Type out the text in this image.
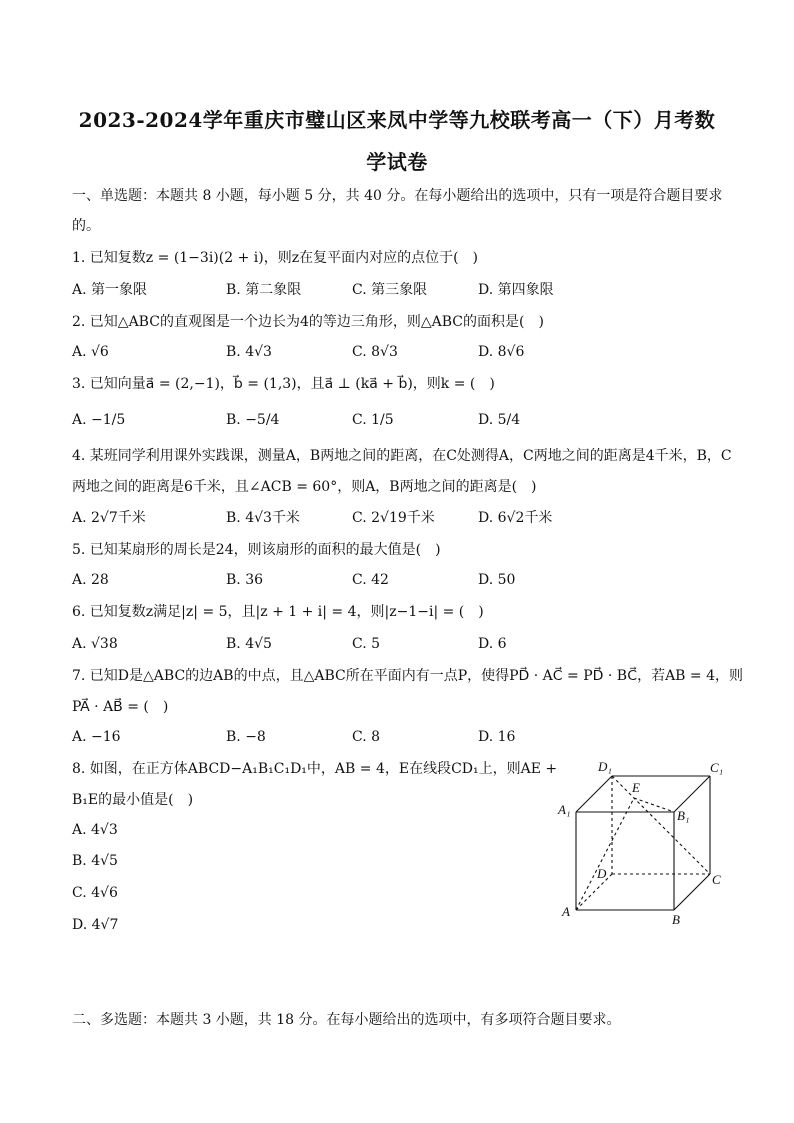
2023-2024学年重庆市璧山区来凤中学等九校联考高一（下）月考数
学试卷
一、单选题：本题共 8 小题，每小题 5 分，共 40 分。在每小题给出的选项中，只有一项是符合题目要求
的。
1. 已知复数z = (1−3i)(2 + i)，则z在复平面内对应的点位于(　)
A. 第一象限	B. 第二象限	C. 第三象限	D. 第四象限
2. 已知△ABC的直观图是一个边长为4的等边三角形，则△ABC的面积是(　)
A. √6	B. 4√3	C. 8√3	D. 8√6
3. 已知向量a⃗ = (2,−1)，b⃗ = (1,3)，且a⃗ ⊥ (ka⃗ + b⃗)，则k = (　)
A. −1/5	B. −5/4	C. 1/5	D. 5/4
4. 某班同学利用课外实践课，测量A，B两地之间的距离，在C处测得A，C两地之间的距离是4千米，B，C
两地之间的距离是6千米，且∠ACB = 60°，则A，B两地之间的距离是(　)
A. 2√7千米	B. 4√3千米	C. 2√19千米	D. 6√2千米
5. 已知某扇形的周长是24，则该扇形的面积的最大值是(　)
A. 28	B. 36	C. 42	D. 50
6. 已知复数z满足|z| = 5，且|z + 1 + i| = 4，则|z−1−i| = (　)
A. √38	B. 4√5	C. 5	D. 6
7. 已知D是△ABC的边AB的中点，且△ABC所在平面内有一点P，使得PD⃗ · AC⃗ = PD⃗ · BC⃗，若AB = 4，则
PA⃗ · AB⃗ = (　)
A. −16	B. −8	C. 8	D. 16
8. 如图，在正方体ABCD−A₁B₁C₁D₁中，AB = 4，E在线段CD₁上，则AE +
B₁E的最小值是(　)
A. 4√3
B. 4√5
C. 4√6
D. 4√7
D₁	C₁
A₁	B₁
E
D	C
A
B
二、多选题：本题共 3 小题，共 18 分。在每小题给出的选项中，有多项符合题目要求。
